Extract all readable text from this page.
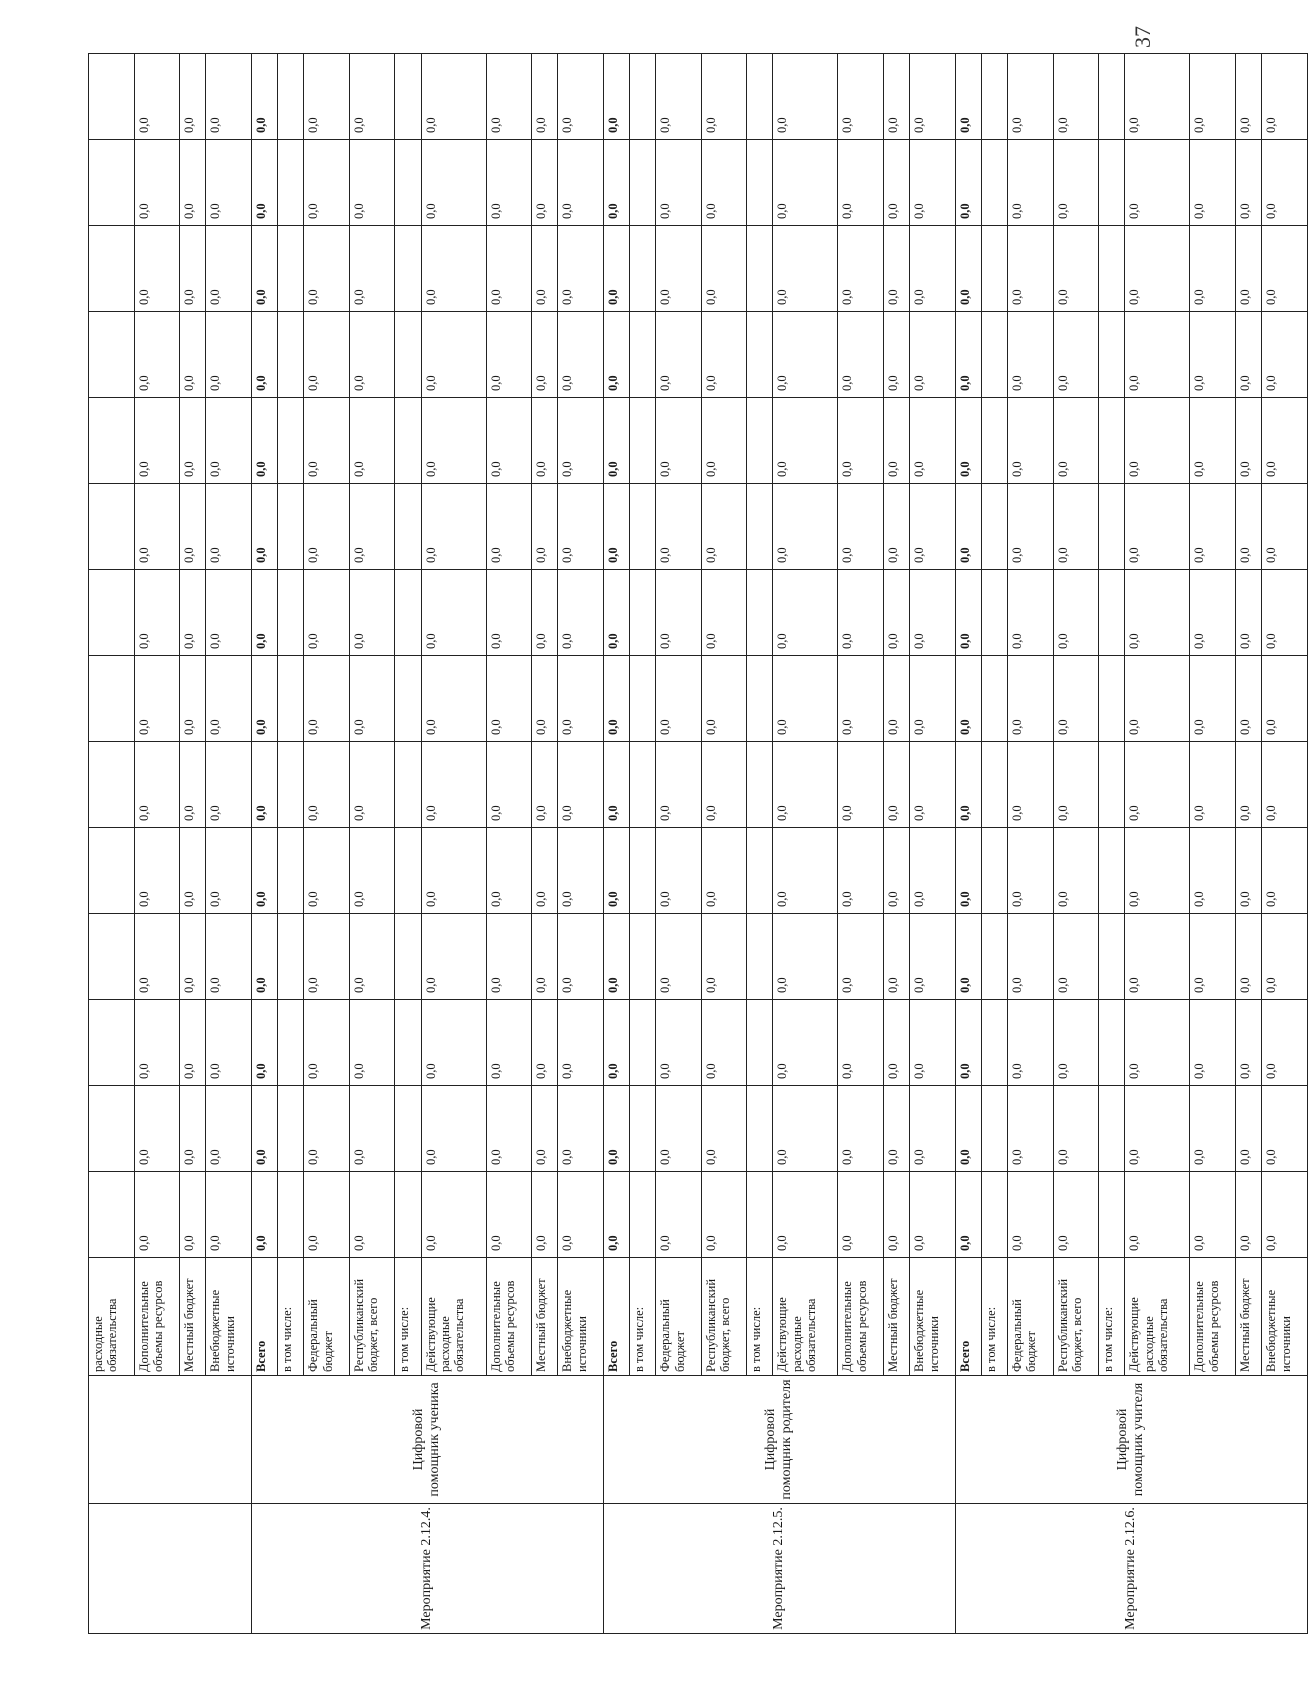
		расходные обязательства														
		Дополнительные объемы ресурсов	0,0	0,0	0,0	0,0	0,0	0,0	0,0	0,0	0,0	0,0	0,0	0,0	0,0	0,0
		Местный бюджет	0,0	0,0	0,0	0,0	0,0	0,0	0,0	0,0	0,0	0,0	0,0	0,0	0,0	0,0
		Внебюджетные источники	0,0	0,0	0,0	0,0	0,0	0,0	0,0	0,0	0,0	0,0	0,0	0,0	0,0	0,0
Мероприятие 2.12.4.	Цифровой помощник ученика	Всего	0,0	0,0	0,0	0,0	0,0	0,0	0,0	0,0	0,0	0,0	0,0	0,0	0,0	0,0
		в том числе:														
		Федеральный бюджет	0,0	0,0	0,0	0,0	0,0	0,0	0,0	0,0	0,0	0,0	0,0	0,0	0,0	0,0
		Республиканский бюджет, всего	0,0	0,0	0,0	0,0	0,0	0,0	0,0	0,0	0,0	0,0	0,0	0,0	0,0	0,0
		в том числе:														
		Действующие расходные обязательства	0,0	0,0	0,0	0,0	0,0	0,0	0,0	0,0	0,0	0,0	0,0	0,0	0,0	0,0
		Дополнительные объемы ресурсов	0,0	0,0	0,0	0,0	0,0	0,0	0,0	0,0	0,0	0,0	0,0	0,0	0,0	0,0
		Местный бюджет	0,0	0,0	0,0	0,0	0,0	0,0	0,0	0,0	0,0	0,0	0,0	0,0	0,0	0,0
		Внебюджетные источники	0,0	0,0	0,0	0,0	0,0	0,0	0,0	0,0	0,0	0,0	0,0	0,0	0,0	0,0
Мероприятие 2.12.5.	Цифровой помощник родителя	Всего	0,0	0,0	0,0	0,0	0,0	0,0	0,0	0,0	0,0	0,0	0,0	0,0	0,0	0,0
		в том числе:														
		Федеральный бюджет	0,0	0,0	0,0	0,0	0,0	0,0	0,0	0,0	0,0	0,0	0,0	0,0	0,0	0,0
		Республиканский бюджет, всего	0,0	0,0	0,0	0,0	0,0	0,0	0,0	0,0	0,0	0,0	0,0	0,0	0,0	0,0
		в том числе:														
		Действующие расходные обязательства	0,0	0,0	0,0	0,0	0,0	0,0	0,0	0,0	0,0	0,0	0,0	0,0	0,0	0,0
		Дополнительные объемы ресурсов	0,0	0,0	0,0	0,0	0,0	0,0	0,0	0,0	0,0	0,0	0,0	0,0	0,0	0,0
		Местный бюджет	0,0	0,0	0,0	0,0	0,0	0,0	0,0	0,0	0,0	0,0	0,0	0,0	0,0	0,0
		Внебюджетные источники	0,0	0,0	0,0	0,0	0,0	0,0	0,0	0,0	0,0	0,0	0,0	0,0	0,0	0,0
Мероприятие 2.12.6.	Цифровой помощник учителя	Всего	0,0	0,0	0,0	0,0	0,0	0,0	0,0	0,0	0,0	0,0	0,0	0,0	0,0	0,0
		в том числе:														
		Федеральный бюджет	0,0	0,0	0,0	0,0	0,0	0,0	0,0	0,0	0,0	0,0	0,0	0,0	0,0	0,0
		Республиканский бюджет, всего	0,0	0,0	0,0	0,0	0,0	0,0	0,0	0,0	0,0	0,0	0,0	0,0	0,0	0,0
		в том числе:														
		Действующие расходные обязательства	0,0	0,0	0,0	0,0	0,0	0,0	0,0	0,0	0,0	0,0	0,0	0,0	0,0	0,0
		Дополнительные объемы ресурсов	0,0	0,0	0,0	0,0	0,0	0,0	0,0	0,0	0,0	0,0	0,0	0,0	0,0	0,0
		Местный бюджет	0,0	0,0	0,0	0,0	0,0	0,0	0,0	0,0	0,0	0,0	0,0	0,0	0,0	0,0
		Внебюджетные источники	0,0	0,0	0,0	0,0	0,0	0,0	0,0	0,0	0,0	0,0	0,0	0,0	0,0	0,0
37
